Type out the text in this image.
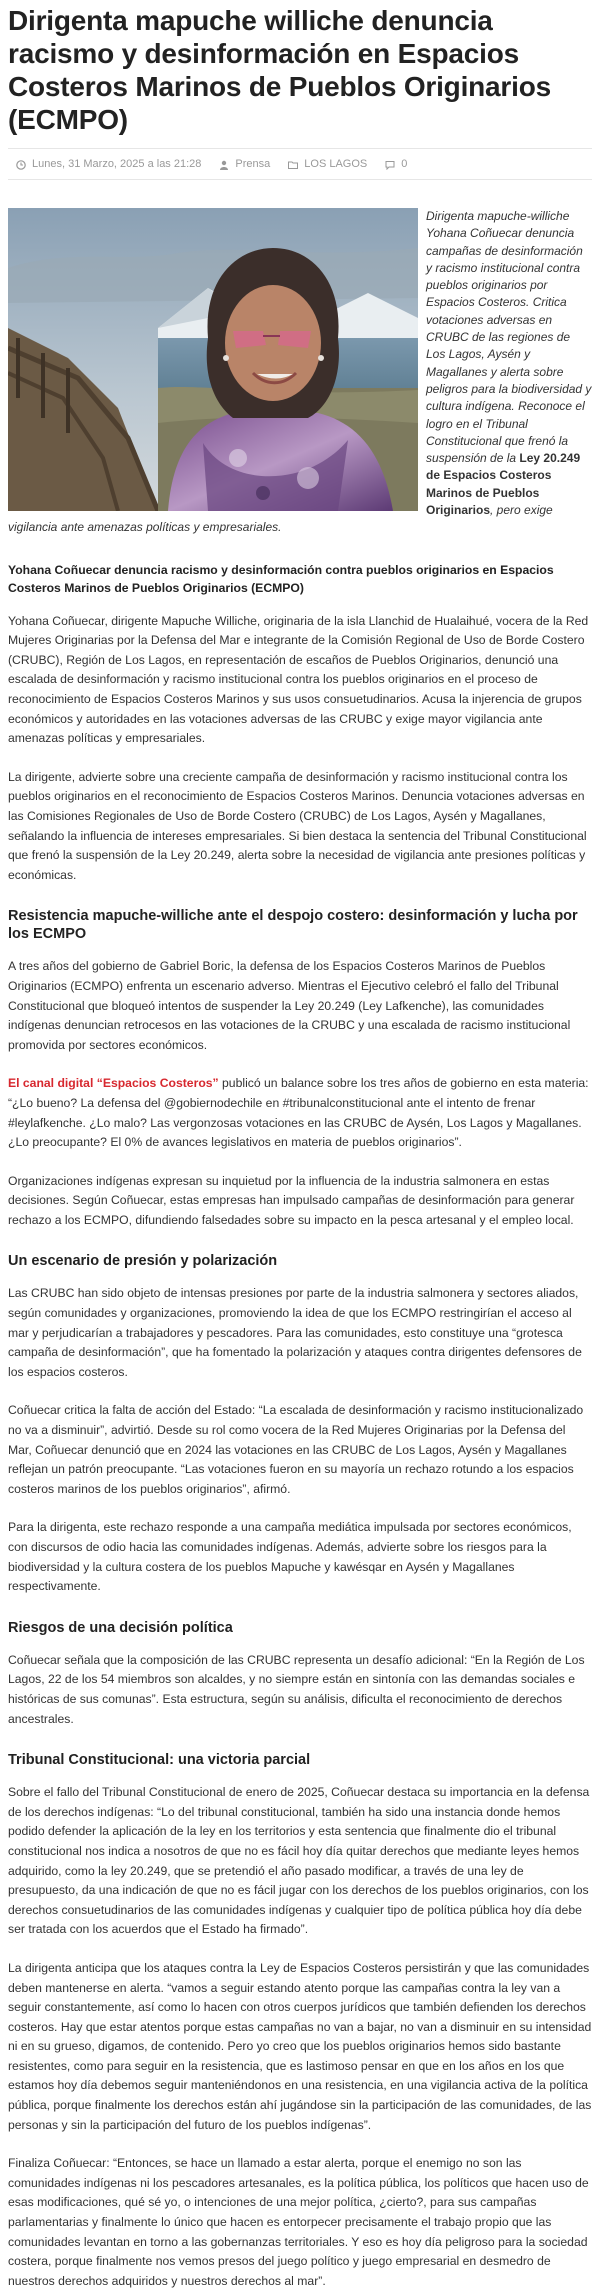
Dirigenta mapuche williche denuncia racismo y desinformación en Espacios Costeros Marinos de Pueblos Originarios (ECMPO)
Lunes, 31 Marzo, 2025 a las 21:28	Prensa	LOS LAGOS	0
Dirigenta mapuche-williche Yohana Coñuecar denuncia campañas de desinformación y racismo institucional contra pueblos originarios por Espacios Costeros. Critica votaciones adversas en CRUBC de las regiones de Los Lagos, Aysén y Magallanes y alerta sobre peligros para la biodiversidad y cultura indígena. Reconoce el logro en el Tribunal Constitucional que frenó la suspensión de la Ley 20.249 de Espacios Costeros Marinos de Pueblos Originarios, pero exige vigilancia ante amenazas políticas y empresariales.
Yohana Coñuecar denuncia racismo y desinformación contra pueblos originarios en Espacios Costeros Marinos de Pueblos Originarios (ECMPO)

Yohana Coñuecar, dirigente Mapuche Williche, originaria de la isla Llanchid de Hualaihué, vocera de la Red Mujeres Originarias por la Defensa del Mar e integrante de la Comisión Regional de Uso de Borde Costero (CRUBC), Región de Los Lagos, en representación de escaños de Pueblos Originarios, denunció una escalada de desinformación y racismo institucional contra los pueblos originarios en el proceso de reconocimiento de Espacios Costeros Marinos y sus usos consuetudinarios. Acusa la injerencia de grupos económicos y autoridades en las votaciones adversas de las CRUBC y exige mayor vigilancia ante amenazas políticas y empresariales.

La dirigente, advierte sobre una creciente campaña de desinformación y racismo institucional contra los pueblos originarios en el reconocimiento de Espacios Costeros Marinos. Denuncia votaciones adversas en las Comisiones Regionales de Uso de Borde Costero (CRUBC) de Los Lagos, Aysén y Magallanes, señalando la influencia de intereses empresariales. Si bien destaca la sentencia del Tribunal Constitucional que frenó la suspensión de la Ley 20.249, alerta sobre la necesidad de vigilancia ante presiones políticas y económicas.

Resistencia mapuche-williche ante el despojo costero: desinformación y lucha por los ECMPO

A tres años del gobierno de Gabriel Boric, la defensa de los Espacios Costeros Marinos de Pueblos Originarios (ECMPO) enfrenta un escenario adverso. Mientras el Ejecutivo celebró el fallo del Tribunal Constitucional que bloqueó intentos de suspender la Ley 20.249 (Ley Lafkenche), las comunidades indígenas denuncian retrocesos en las votaciones de la CRUBC y una escalada de racismo institucional promovida por sectores económicos.

El canal digital “Espacios Costeros” publicó un balance sobre los tres años de gobierno en esta materia: “¿Lo bueno? La defensa del @gobiernodechile en #tribunalconstitucional ante el intento de frenar #leylafkenche. ¿Lo malo? Las vergonzosas votaciones en las CRUBC de Aysén, Los Lagos y Magallanes. ¿Lo preocupante? El 0% de avances legislativos en materia de pueblos originarios”.

Organizaciones indígenas expresan su inquietud por la influencia de la industria salmonera en estas decisiones. Según Coñuecar, estas empresas han impulsado campañas de desinformación para generar rechazo a los ECMPO, difundiendo falsedades sobre su impacto en la pesca artesanal y el empleo local.

Un escenario de presión y polarización

Las CRUBC han sido objeto de intensas presiones por parte de la industria salmonera y sectores aliados, según comunidades y organizaciones, promoviendo la idea de que los ECMPO restringirían el acceso al mar y perjudicarían a trabajadores y pescadores. Para las comunidades, esto constituye una “grotesca campaña de desinformación”, que ha fomentado la polarización y ataques contra dirigentes defensores de los espacios costeros.

Coñuecar critica la falta de acción del Estado: “La escalada de desinformación y racismo institucionalizado no va a disminuir”, advirtió. Desde su rol como vocera de la Red Mujeres Originarias por la Defensa del Mar, Coñuecar denunció que en 2024 las votaciones en las CRUBC de Los Lagos, Aysén y Magallanes reflejan un patrón preocupante. “Las votaciones fueron en su mayoría un rechazo rotundo a los espacios costeros marinos de los pueblos originarios”, afirmó.

Para la dirigenta, este rechazo responde a una campaña mediática impulsada por sectores económicos, con discursos de odio hacia las comunidades indígenas. Además, advierte sobre los riesgos para la biodiversidad y la cultura costera de los pueblos Mapuche y kawésqar en Aysén y Magallanes respectivamente.

Riesgos de una decisión política

Coñuecar señala que la composición de las CRUBC representa un desafío adicional: “En la Región de Los Lagos, 22 de los 54 miembros son alcaldes, y no siempre están en sintonía con las demandas sociales e históricas de sus comunas”. Esta estructura, según su análisis, dificulta el reconocimiento de derechos ancestrales.

Tribunal Constitucional: una victoria parcial

Sobre el fallo del Tribunal Constitucional de enero de 2025, Coñuecar destaca su importancia en la defensa de los derechos indígenas: “Lo del tribunal constitucional, también ha sido una instancia donde hemos podido defender la aplicación de la ley en los territorios y esta sentencia que finalmente dio el tribunal constitucional nos indica a nosotros de que no es fácil hoy día quitar derechos que mediante leyes hemos adquirido, como la ley 20.249, que se pretendió el año pasado modificar, a través de una ley de presupuesto, da una indicación de que no es fácil jugar con los derechos de los pueblos originarios, con los derechos consuetudinarios de las comunidades indígenas y cualquier tipo de política pública hoy día debe ser tratada con los acuerdos que el Estado ha firmado”.

La dirigenta anticipa que los ataques contra la Ley de Espacios Costeros persistirán y que las comunidades deben mantenerse en alerta. “vamos a seguir estando atento porque las campañas contra la ley van a seguir constantemente, así como lo hacen con otros cuerpos jurídicos que también defienden los derechos costeros. Hay que estar atentos porque estas campañas no van a bajar, no van a disminuir en su intensidad ni en su grueso, digamos, de contenido. Pero yo creo que los pueblos originarios hemos sido bastante resistentes, como para seguir en la resistencia, que es lastimoso pensar en que en los años en los que estamos hoy día debemos seguir manteniéndonos en una resistencia, en una vigilancia activa de la política pública, porque finalmente los derechos están ahí jugándose sin la participación de las comunidades, de las personas y sin la participación del futuro de los pueblos indígenas”.

Finaliza Coñuecar: “Entonces, se hace un llamado a estar alerta, porque el enemigo no son las comunidades indígenas ni los pescadores artesanales, es la política pública, los políticos que hacen uso de esas modificaciones, qué sé yo, o intenciones de una mejor política, ¿cierto?, para sus campañas parlamentarias y finalmente lo único que hacen es entorpecer precisamente el trabajo propio que las comunidades levantan en torno a las gobernanzas territoriales. Y eso es hoy día peligroso para la sociedad costera, porque finalmente nos vemos presos del juego político y juego empresarial en desmedro de nuestros derechos adquiridos y nuestros derechos al mar”.
